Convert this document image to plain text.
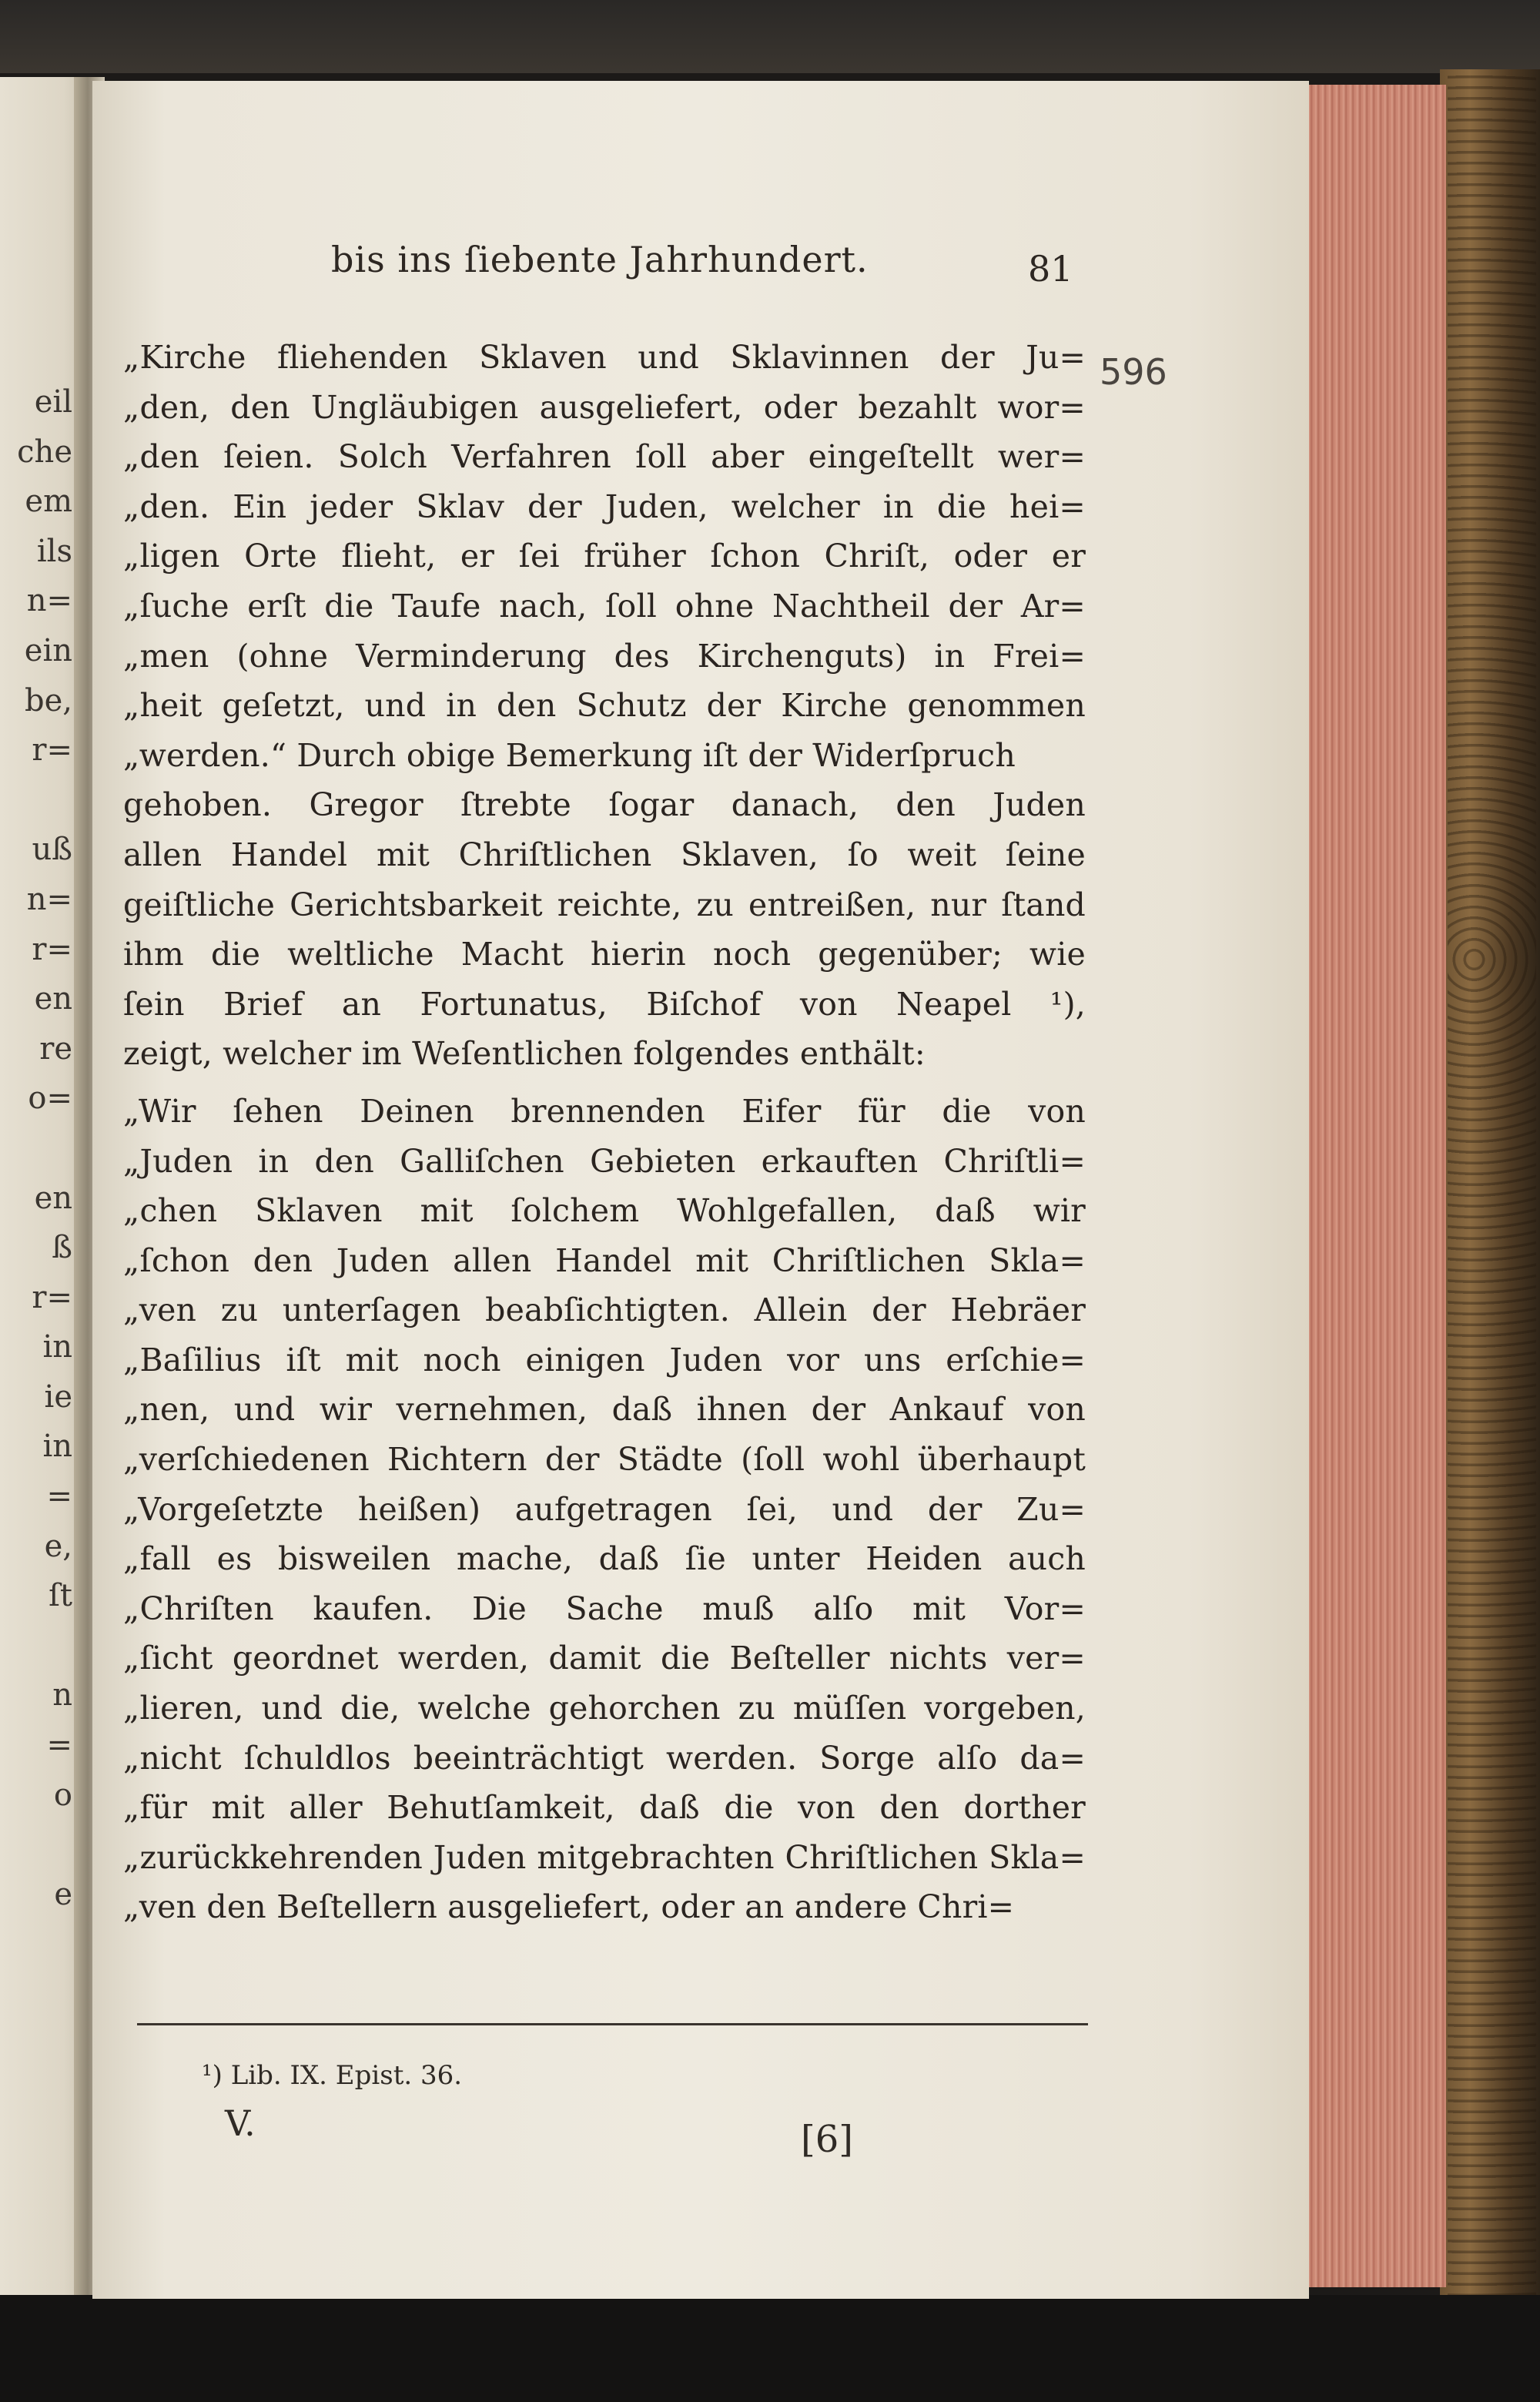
eil
che
em
ils
n=
ein
be,
r=
uß
n=
r=
en
re
o=
en
ß
r=
in
ie
in
=
e,
ſt
n
=
o
e
bis ins ſiebente Jahrhundert.	81
596
„Kirche fliehenden Sklaven und Sklavinnen der Ju=
„den, den Ungläubigen ausgeliefert, oder bezahlt wor=
„den ſeien. Solch Verfahren ſoll aber eingeſtellt wer=
„den. Ein jeder Sklav der Juden, welcher in die hei=
„ligen Orte flieht, er ſei früher ſchon Chriſt, oder er
„ſuche erſt die Taufe nach, ſoll ohne Nachtheil der Ar=
„men (ohne Verminderung des Kirchenguts) in Frei=
„heit geſetzt, und in den Schutz der Kirche genommen
„werden.“ Durch obige Bemerkung iſt der Widerſpruch
gehoben. Gregor ſtrebte ſogar danach, den Juden
allen Handel mit Chriſtlichen Sklaven, ſo weit ſeine
geiſtliche Gerichtsbarkeit reichte, zu entreißen, nur ſtand
ihm die weltliche Macht hierin noch gegenüber; wie
ſein Brief an Fortunatus, Biſchof von Neapel ¹),
zeigt, welcher im Weſentlichen folgendes enthält:
„Wir ſehen Deinen brennenden Eifer für die von
„Juden in den Galliſchen Gebieten erkauften Chriſtli=
„chen Sklaven mit ſolchem Wohlgefallen, daß wir
„ſchon den Juden allen Handel mit Chriſtlichen Skla=
„ven zu unterſagen beabſichtigten. Allein der Hebräer
„Baſilius iſt mit noch einigen Juden vor uns erſchie=
„nen, und wir vernehmen, daß ihnen der Ankauf von
„verſchiedenen Richtern der Städte (ſoll wohl überhaupt
„Vorgeſetzte heißen) aufgetragen ſei, und der Zu=
„fall es bisweilen mache, daß ſie unter Heiden auch
„Chriſten kaufen. Die Sache muß alſo mit Vor=
„ſicht geordnet werden, damit die Beſteller nichts ver=
„lieren, und die, welche gehorchen zu müſſen vorgeben,
„nicht ſchuldlos beeinträchtigt werden. Sorge alſo da=
„für mit aller Behutſamkeit, daß die von den dorther
„zurückkehrenden Juden mitgebrachten Chriſtlichen Skla=
„ven den Beſtellern ausgeliefert, oder an andere Chri=
¹) Lib. IX. Epist. 36.
V.	[6]
